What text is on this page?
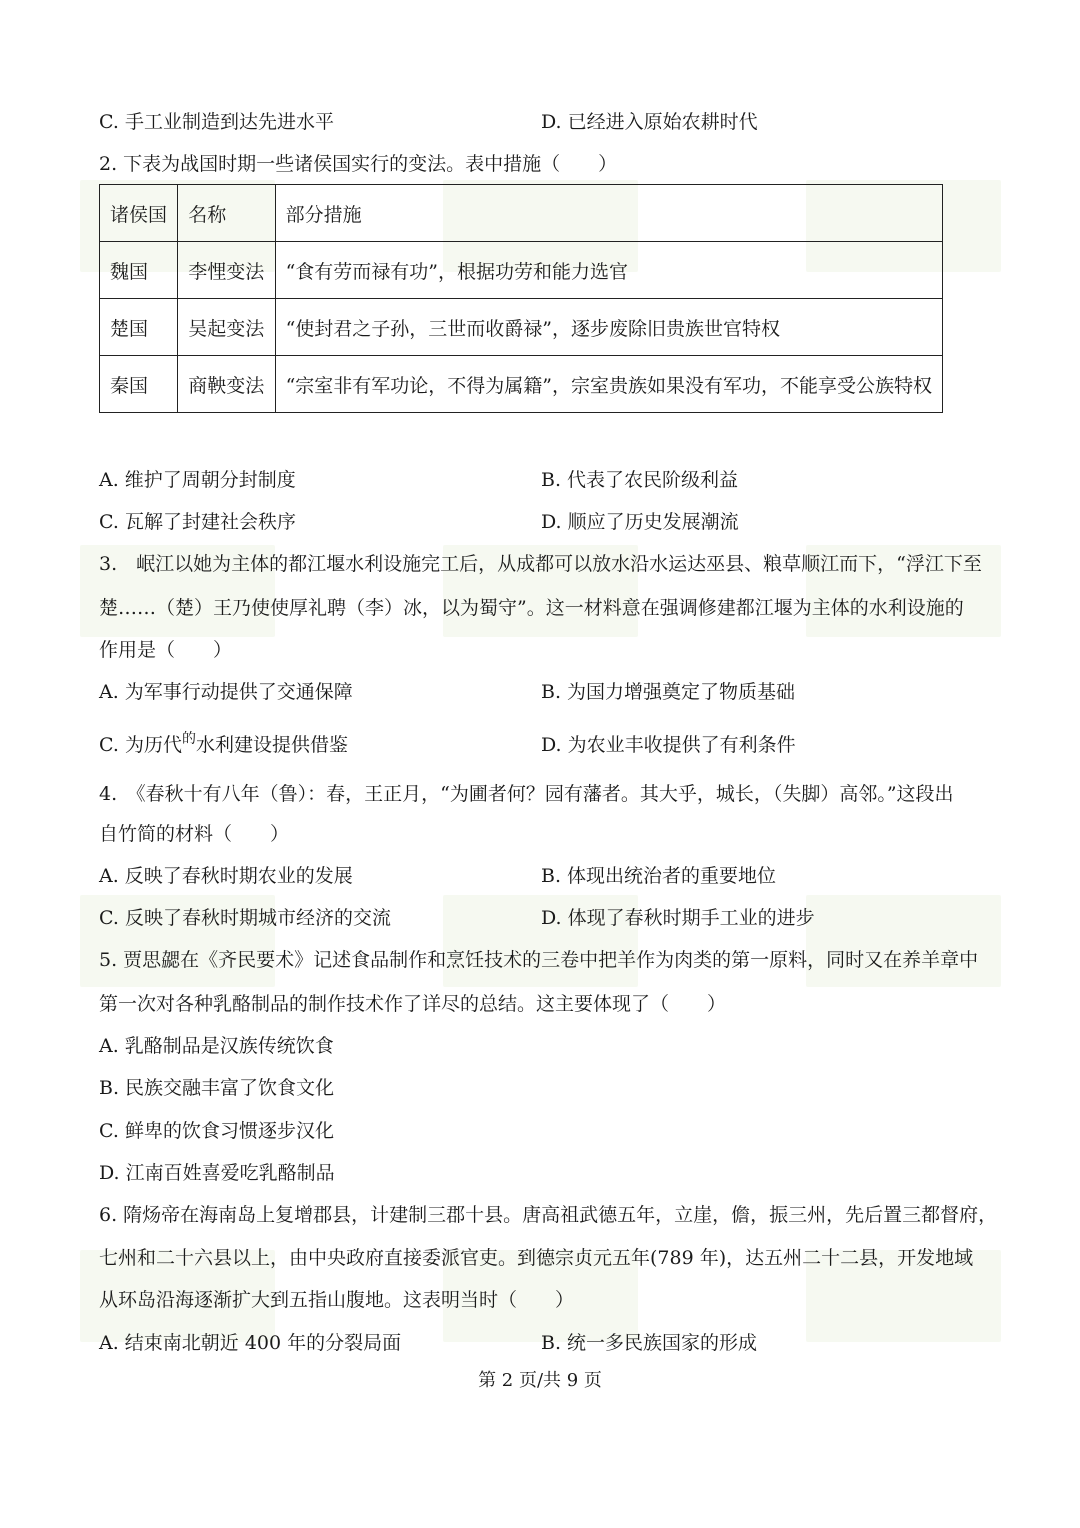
C. 手工业制造到达先进水平	D. 已经进入原始农耕时代
2. 下表为战国时期一些诸侯国实行的变法。表中措施（　　）
诸侯国	名称	部分措施
魏国	李悝变法	“食有劳而禄有功”，根据功劳和能力选官
楚国	吴起变法	“使封君之子孙，三世而收爵禄”，逐步废除旧贵族世官特权
秦国	商鞅变法	“宗室非有军功论，不得为属籍”，宗室贵族如果没有军功，不能享受公族特权
A. 维护了周朝分封制度	B. 代表了农民阶级利益
C. 瓦解了封建社会秩序	D. 顺应了历史发展潮流
3.　岷江以她为主体的都江堰水利设施完工后，从成都可以放水沿水运达巫县、粮草顺江而下，“浮江下至
楚……（楚）王乃使使厚礼聘（李）冰，以为蜀守”。这一材料意在强调修建都江堰为主体的水利设施的
作用是（　　）
A. 为军事行动提供了交通保障	B. 为国力增强奠定了物质基础
C. 为历代$^的$水利建设提供借鉴	D. 为农业丰收提供了有利条件
4.　《春秋十有八年（鲁）：春，王正月，“为圃者何？园有藩者。其大乎，城长，（失脚）高邻。”这段出
自竹简的材料（　　）
A. 反映了春秋时期农业的发展	B. 体现出统治者的重要地位
C. 反映了春秋时期城市经济的交流	D. 体现了春秋时期手工业的进步
5. 贾思勰在《齐民要术》记述食品制作和烹饪技术的三卷中把羊作为肉类的第一原料，同时又在养羊章中
第一次对各种乳酪制品的制作技术作了详尽的总结。这主要体现了（　　）
A. 乳酪制品是汉族传统饮食
B. 民族交融丰富了饮食文化
C. 鲜卑的饮食习惯逐步汉化
D. 江南百姓喜爱吃乳酪制品
6. 隋炀帝在海南岛上复增郡县，计建制三郡十县。唐高祖武德五年，立崖，儋，振三州，先后置三都督府，
七州和二十六县以上，由中央政府直接委派官吏。到德宗贞元五年(789 年)，达五州二十二县，开发地域
从环岛沿海逐渐扩大到五指山腹地。这表明当时（　　）
A. 结束南北朝近 400 年的分裂局面	B. 统一多民族国家的形成
第 2 页/共 9 页
